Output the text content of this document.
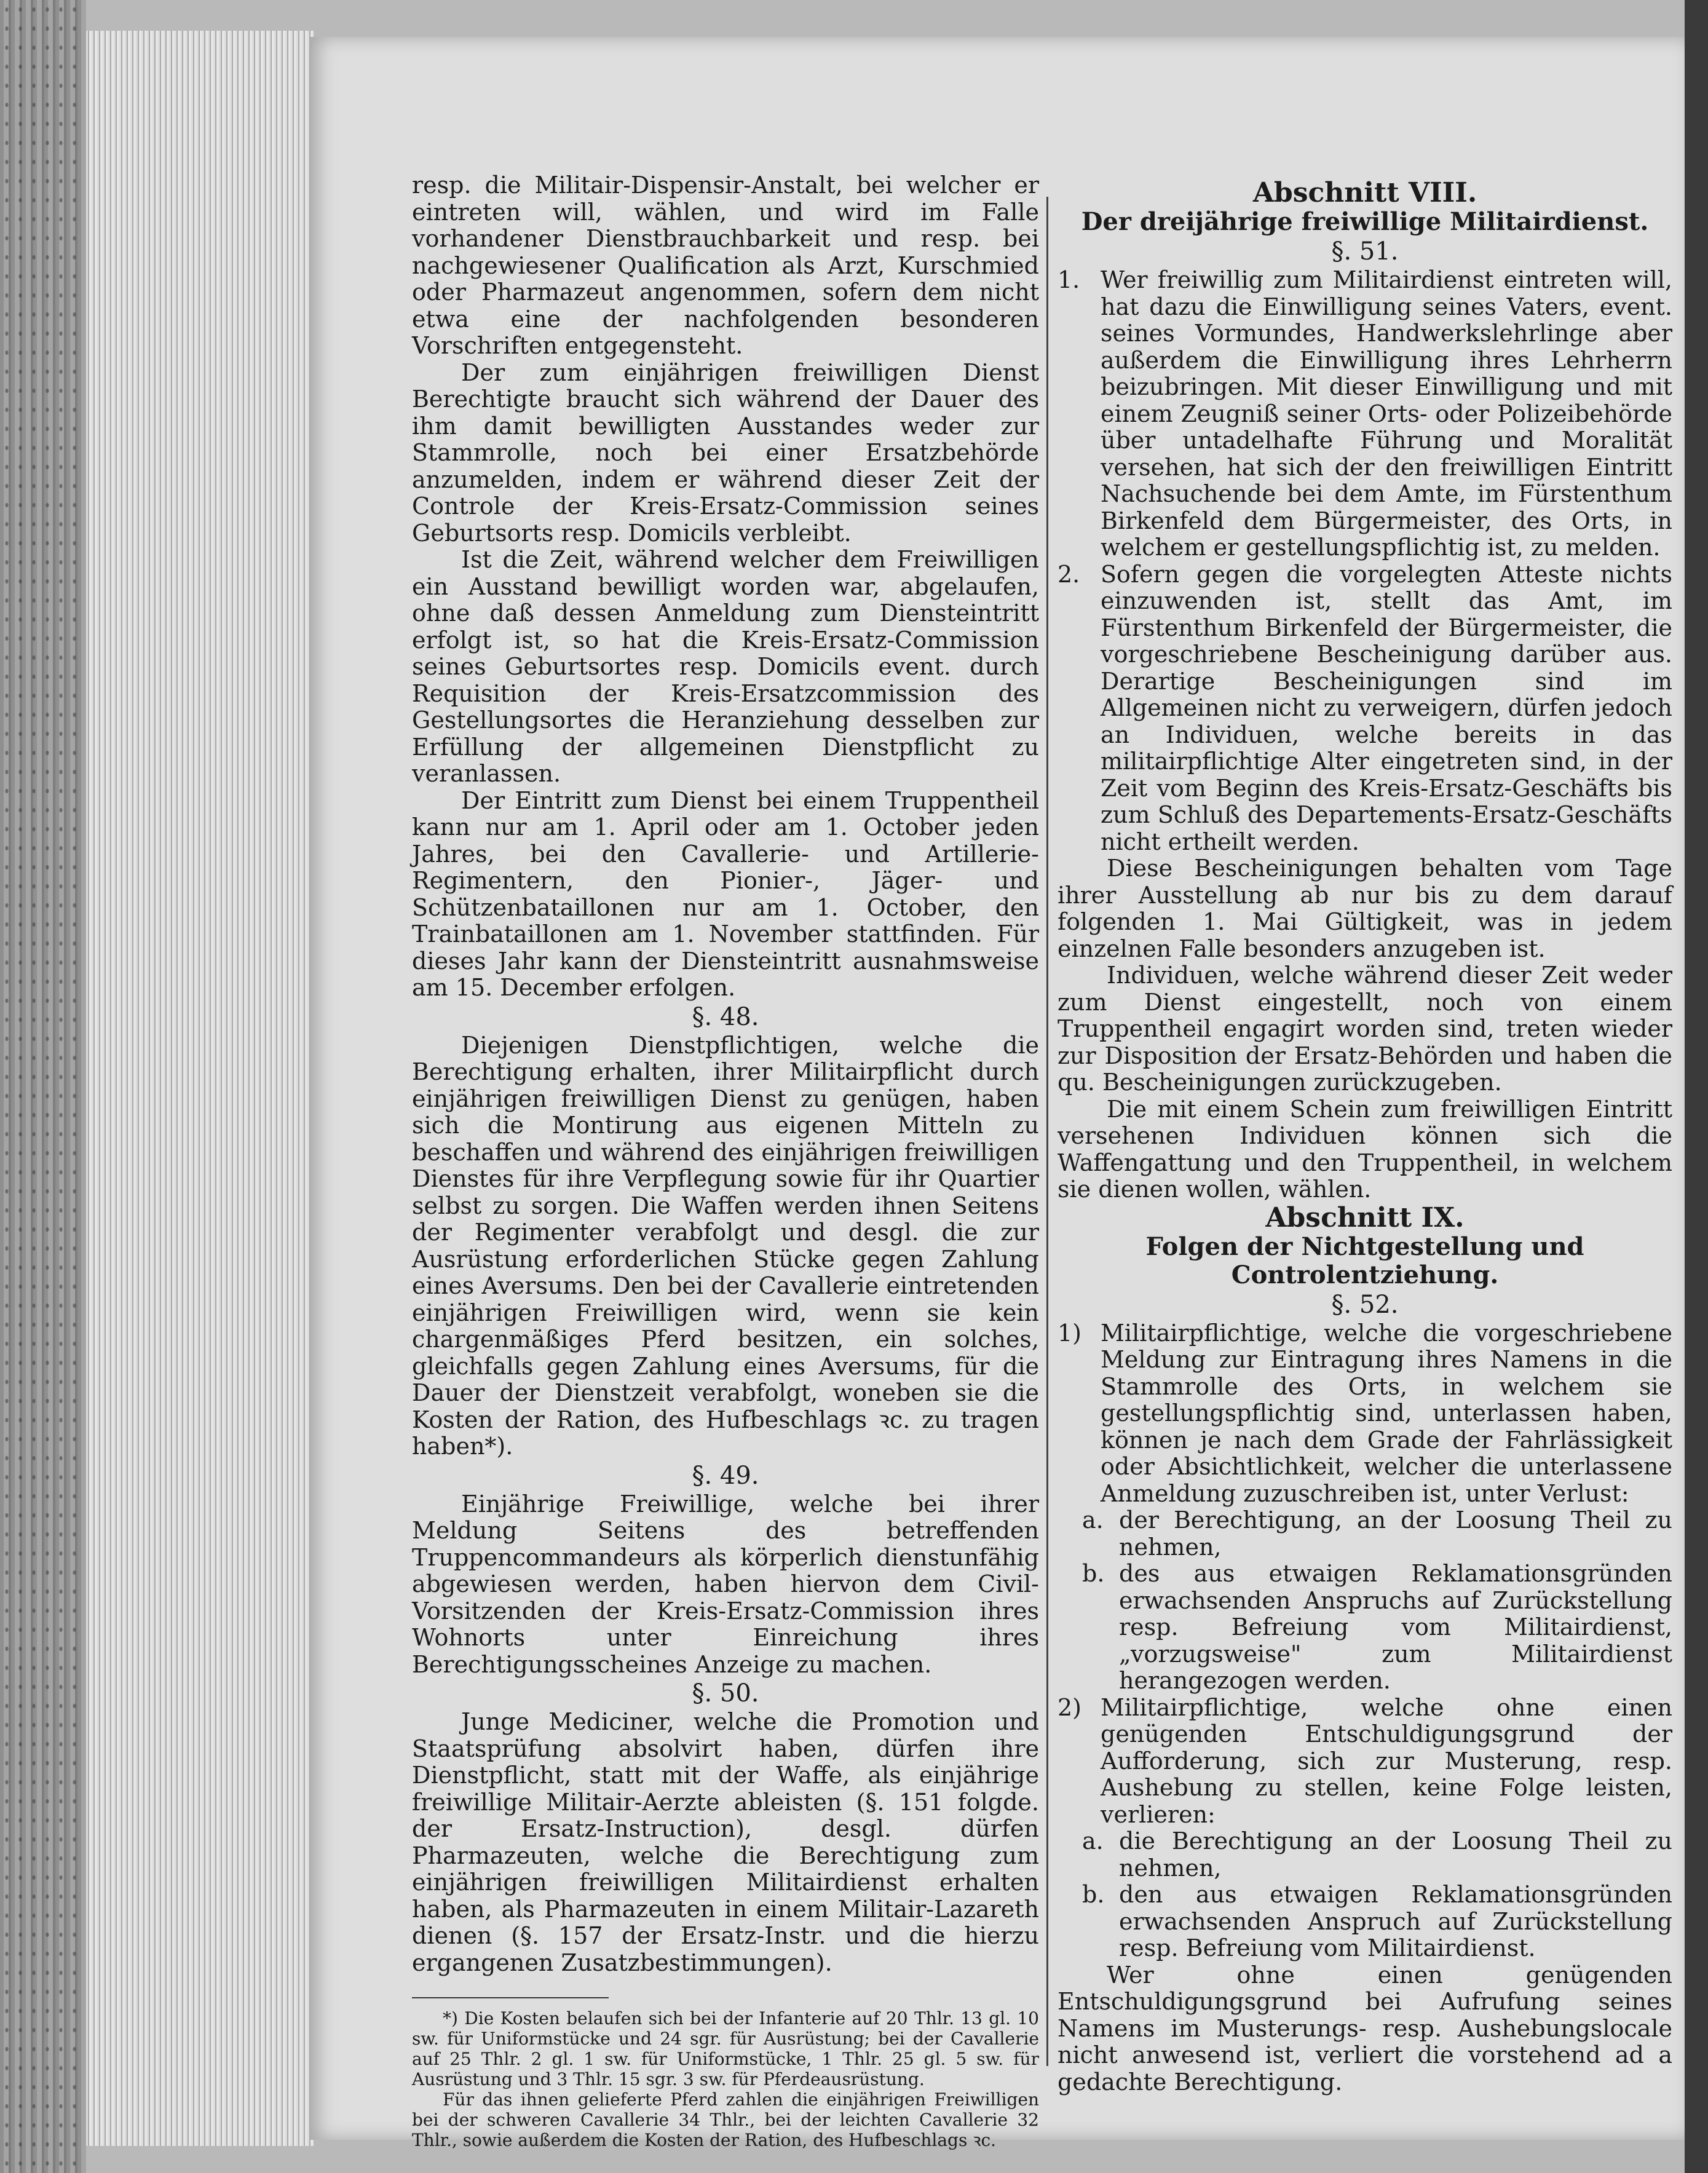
resp. die Militair-Dispensir-Anstalt, bei welcher er eintreten will, wählen, und wird im Falle vorhandener Dienstbrauchbarkeit und resp. bei nachgewiesener Qualification als Arzt, Kurschmied oder Pharmazeut angenommen, sofern dem nicht etwa eine der nachfolgenden besonderen Vorschriften entgegensteht.

Der zum einjährigen freiwilligen Dienst Berechtigte braucht sich während der Dauer des ihm damit bewilligten Ausstandes weder zur Stammrolle, noch bei einer Ersatzbehörde anzumelden, indem er während dieser Zeit der Controle der Kreis-Ersatz-Commission seines Geburtsorts resp. Domicils verbleibt.

Ist die Zeit, während welcher dem Freiwilligen ein Ausstand bewilligt worden war, abgelaufen, ohne daß dessen Anmeldung zum Diensteintritt erfolgt ist, so hat die Kreis-Ersatz-Commission seines Geburtsortes resp. Domicils event. durch Requisition der Kreis-Ersatzcommission des Gestellungsortes die Heranziehung desselben zur Erfüllung der allgemeinen Dienstpflicht zu veranlassen.

Der Eintritt zum Dienst bei einem Truppentheil kann nur am 1. April oder am 1. October jeden Jahres, bei den Cavallerie- und Artillerie-Regimentern, den Pionier-, Jäger- und Schützenbataillonen nur am 1. October, den Trainbataillonen am 1. November stattfinden. Für dieses Jahr kann der Diensteintritt ausnahmsweise am 15. December erfolgen.

§. 48.

Diejenigen Dienstpflichtigen, welche die Berechtigung erhalten, ihrer Militairpflicht durch einjährigen freiwilligen Dienst zu genügen, haben sich die Montirung aus eigenen Mitteln zu beschaffen und während des einjährigen freiwilligen Dienstes für ihre Verpflegung sowie für ihr Quartier selbst zu sorgen. Die Waffen werden ihnen Seitens der Regimenter verabfolgt und desgl. die zur Ausrüstung erforderlichen Stücke gegen Zahlung eines Aversums. Den bei der Cavallerie eintretenden einjährigen Freiwilligen wird, wenn sie kein chargenmäßiges Pferd besitzen, ein solches, gleichfalls gegen Zahlung eines Aversums, für die Dauer der Dienstzeit verabfolgt, woneben sie die Kosten der Ration, des Hufbeschlags ꝛc. zu tragen haben*).

§. 49.

Einjährige Freiwillige, welche bei ihrer Meldung Seitens des betreffenden Truppencommandeurs als körperlich dienstunfähig abgewiesen werden, haben hiervon dem Civil-Vorsitzenden der Kreis-Ersatz-Commission ihres Wohnorts unter Einreichung ihres Berechtigungsscheines Anzeige zu machen.

§. 50.

Junge Mediciner, welche die Promotion und Staatsprüfung absolvirt haben, dürfen ihre Dienstpflicht, statt mit der Waffe, als einjährige freiwillige Militair-Aerzte ableisten (§. 151 folgde. der Ersatz-Instruction), desgl. dürfen Pharmazeuten, welche die Berechtigung zum einjährigen freiwilligen Militairdienst erhalten haben, als Pharmazeuten in einem Militair-Lazareth dienen (§. 157 der Ersatz-Instr. und die hierzu ergangenen Zusatzbestimmungen).

*) Die Kosten belaufen sich bei der Infanterie auf 20 Thlr. 13 gl. 10 sw. für Uniformstücke und 24 sgr. für Ausrüstung; bei der Cavallerie auf 25 Thlr. 2 gl. 1 sw. für Uniformstücke, 1 Thlr. 25 gl. 5 sw. für Ausrüstung und 3 Thlr. 15 sgr. 3 sw. für Pferdeausrüstung.

Für das ihnen gelieferte Pferd zahlen die einjährigen Freiwilligen bei der schweren Cavallerie 34 Thlr., bei der leichten Cavallerie 32 Thlr., sowie außerdem die Kosten der Ration, des Hufbeschlags ꝛc.

Abschnitt VIII.
Der dreijährige freiwillige Militairdienst.
§. 51.
1. Wer freiwillig zum Militairdienst eintreten will, hat dazu die Einwilligung seines Vaters, event. seines Vormundes, Handwerkslehrlinge aber außerdem die Einwilligung ihres Lehrherrn beizubringen. Mit dieser Einwilligung und mit einem Zeugniß seiner Orts- oder Polizeibehörde über untadelhafte Führung und Moralität versehen, hat sich der den freiwilligen Eintritt Nachsuchende bei dem Amte, im Fürstenthum Birkenfeld dem Bürgermeister, des Orts, in welchem er gestellungspflichtig ist, zu melden.
2. Sofern gegen die vorgelegten Atteste nichts einzuwenden ist, stellt das Amt, im Fürstenthum Birkenfeld der Bürgermeister, die vorgeschriebene Bescheinigung darüber aus. Derartige Bescheinigungen sind im Allgemeinen nicht zu verweigern, dürfen jedoch an Individuen, welche bereits in das militairpflichtige Alter eingetreten sind, in der Zeit vom Beginn des Kreis-Ersatz-Geschäfts bis zum Schluß des Departements-Ersatz-Geschäfts nicht ertheilt werden.

Diese Bescheinigungen behalten vom Tage ihrer Ausstellung ab nur bis zu dem darauf folgenden 1. Mai Gültigkeit, was in jedem einzelnen Falle besonders anzugeben ist.

Individuen, welche während dieser Zeit weder zum Dienst eingestellt, noch von einem Truppentheil engagirt worden sind, treten wieder zur Disposition der Ersatz-Behörden und haben die qu. Bescheinigungen zurückzugeben.

Die mit einem Schein zum freiwilligen Eintritt versehenen Individuen können sich die Waffengattung und den Truppentheil, in welchem sie dienen wollen, wählen.

Abschnitt IX.
Folgen der Nichtgestellung und Controlentziehung.
§. 52.
1) Militairpflichtige, welche die vorgeschriebene Meldung zur Eintragung ihres Namens in die Stammrolle des Orts, in welchem sie gestellungspflichtig sind, unterlassen haben, können je nach dem Grade der Fahrlässigkeit oder Absichtlichkeit, welcher die unterlassene Anmeldung zuzuschreiben ist, unter Verlust:
a. der Berechtigung, an der Loosung Theil zu nehmen,
b. des aus etwaigen Reklamationsgründen erwachsenden Anspruchs auf Zurückstellung resp. Befreiung vom Militairdienst, „vorzugsweise" zum Militairdienst herangezogen werden.
2) Militairpflichtige, welche ohne einen genügenden Entschuldigungsgrund der Aufforderung, sich zur Musterung, resp. Aushebung zu stellen, keine Folge leisten, verlieren:
a. die Berechtigung an der Loosung Theil zu nehmen,
b. den aus etwaigen Reklamationsgründen erwachsenden Anspruch auf Zurückstellung resp. Befreiung vom Militairdienst.

Wer ohne einen genügenden Entschuldigungsgrund bei Aufrufung seines Namens im Musterungs- resp. Aushebungslocale nicht anwesend ist, verliert die vorstehend ad a gedachte Berechtigung.
